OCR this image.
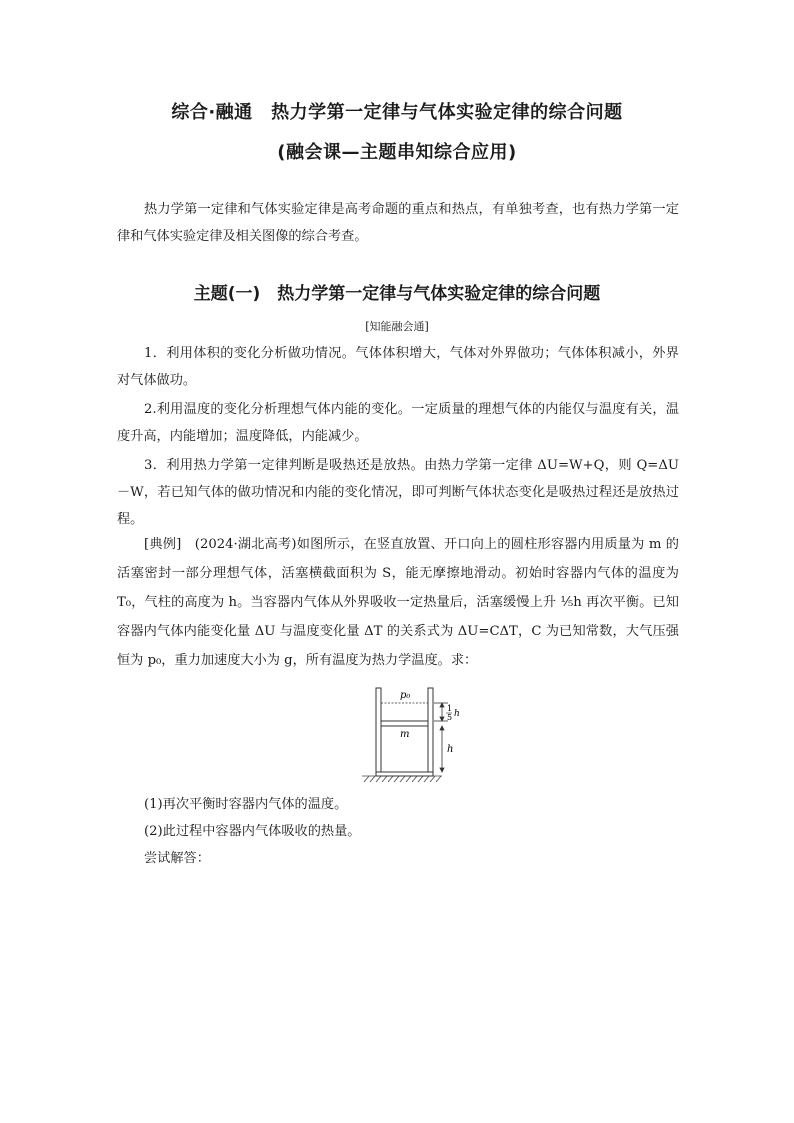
综合·融通　热力学第一定律与气体实验定律的综合问题
(融会课—主题串知综合应用)
热力学第一定律和气体实验定律是高考命题的重点和热点，有单独考查，也有热力学第一定律和气体实验定律及相关图像的综合考查。
主题(一)　热力学第一定律与气体实验定律的综合问题
[知能融会通]
1．利用体积的变化分析做功情况。气体体积增大，气体对外界做功；气体体积减小，外界对气体做功。
2.利用温度的变化分析理想气体内能的变化。一定质量的理想气体的内能仅与温度有关，温度升高，内能增加；温度降低，内能减少。
3．利用热力学第一定律判断是吸热还是放热。由热力学第一定律 ΔU=W+Q，则 Q=ΔU－W，若已知气体的做功情况和内能的变化情况，即可判断气体状态变化是吸热过程还是放热过程。
[典例]　(2024·湖北高考)如图所示，在竖直放置、开口向上的圆柱形容器内用质量为 m 的活塞密封一部分理想气体，活塞横截面积为 S，能无摩擦地滑动。初始时容器内气体的温度为 T₀，气柱的高度为 h。当容器内气体从外界吸收一定热量后，活塞缓慢上升 ⅕h 再次平衡。已知容器内气体内能变化量 ΔU 与温度变化量 ΔT 的关系式为 ΔU=CΔT，C 为已知常数，大气压强恒为 p₀，重力加速度大小为 g，所有温度为热力学温度。求：
p₀
m
1
5 h
h
(1)再次平衡时容器内气体的温度。
(2)此过程中容器内气体吸收的热量。
尝试解答：
